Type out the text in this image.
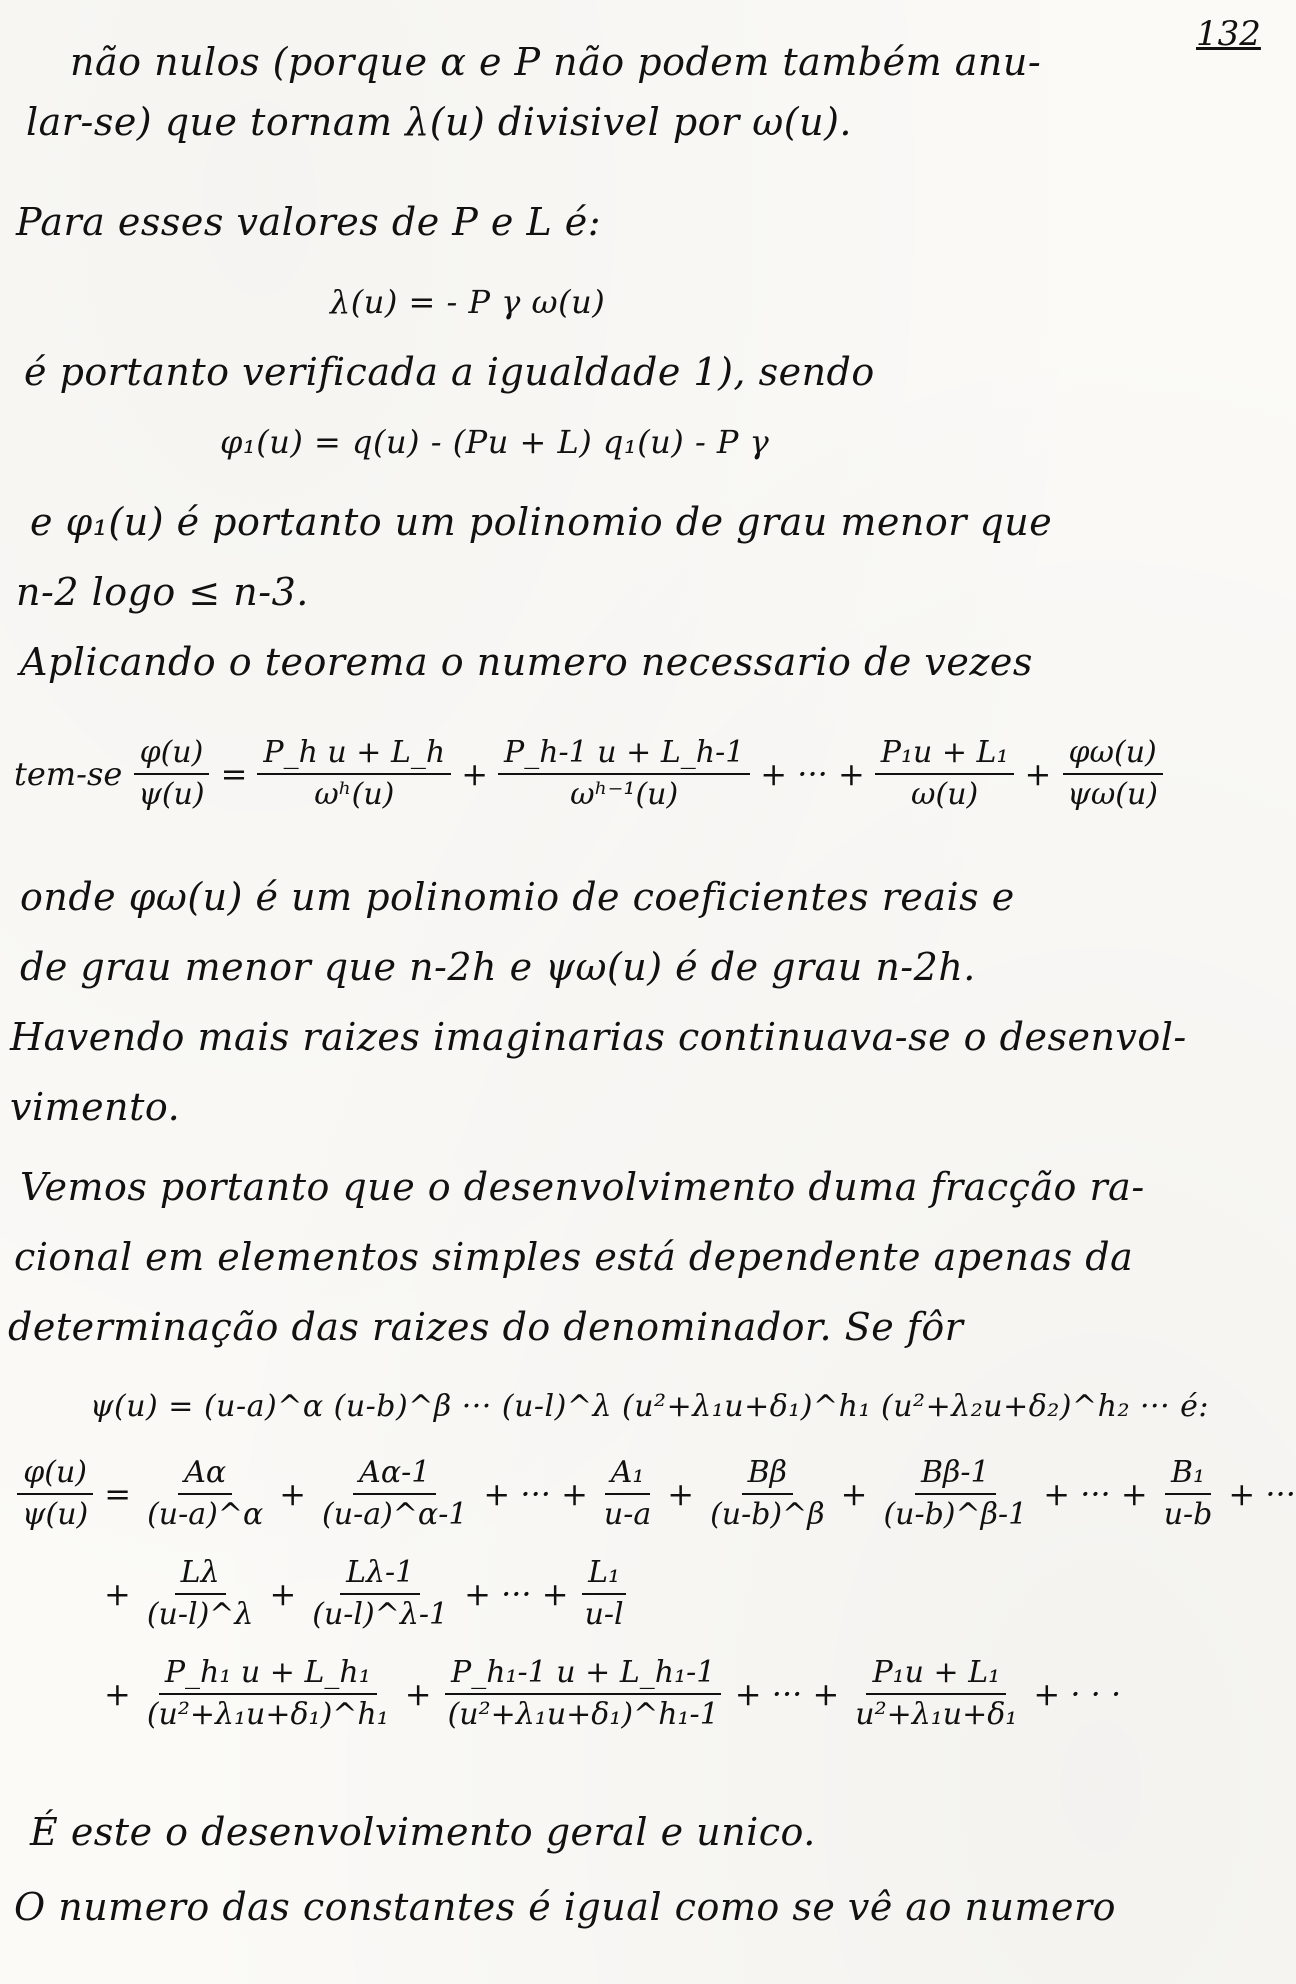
132
não nulos (porque α e P não podem também anu-
lar-se) que tornam λ(u) divisivel por ω(u).
Para esses valores de P e L é:
λ(u) = - P γ ω(u)
é portanto verificada a igualdade 1), sendo
φ₁(u) = q(u) - (Pu + L) q₁(u) - P γ
e φ₁(u) é portanto um polinomio de grau menor que
n-2 logo ≤ n-3.
Aplicando o teorema o numero necessario de vezes
$tem-se \frac{\varphi(u)}{\psi(u)} = \frac{\text{P\_h u + L\_h}}{\text{ωʰ(u)}} + \frac{P\_h-1 u + L\_h-1}{\text{ωʰ⁻¹(u)}}$ + ··· + $\frac{\text{P₁u + L₁}}{\omega(u)} + \frac{\varphi\omega(u)}{\psi\omega(u)}$
onde φω(u) é um polinomio de coeficientes reais e
de grau menor que n-2h e ψω(u) é de grau n-2h.
Havendo mais raizes imaginarias continuava-se o desenvol-
vimento.
Vemos portanto que o desenvolvimento duma fracção ra-
cional em elementos simples está dependente apenas da
determinação das raizes do denominador. Se fôr
ψ(u) = (u-a)^α (u-b)^β ··· (u-l)^λ (u²+λ₁u+δ₁)^h₁ (u²+λ₂u+δ₂)^h₂ ··· é:
$\frac{\varphi(u)}{\psi(u)} = \frac{A\alpha}{(u-a)\^{}\alpha} + \frac{A\alpha-1}{(u-a)\^{}\alpha-1}$ + ··· + $\frac{\text{A₁}}{u-a} + \frac{B\beta}{(u-b)\^{}\beta} + \frac{B\beta-1}{(u-b)\^{}\beta-1}$ + ··· + $\frac{\text{B₁}}{u-b}$ + ···
+ $\frac{L\lambda}{(u-l)\^{}\lambda} + \frac{L\lambda-1}{(u-l)\^{}\lambda-1}$ + ··· + $\frac{\text{L₁}}{u-l}$
+ $\frac{\text{P\_h₁ u + L\_h₁}}{\text{(u²+λ₁u+δ₁)\textasciicircum{}h₁}} + \frac{\text{P\_h₁-1 u + L\_h₁-1}}{\text{(u²+λ₁u+δ₁)\textasciicircum{}h₁-1}}$ + ··· + $\frac{\text{P₁u + L₁}}{\text{u²+λ₁u+δ₁}}$ + · · ·
É este o desenvolvimento geral e unico.
O numero das constantes é igual como se vê ao numero
